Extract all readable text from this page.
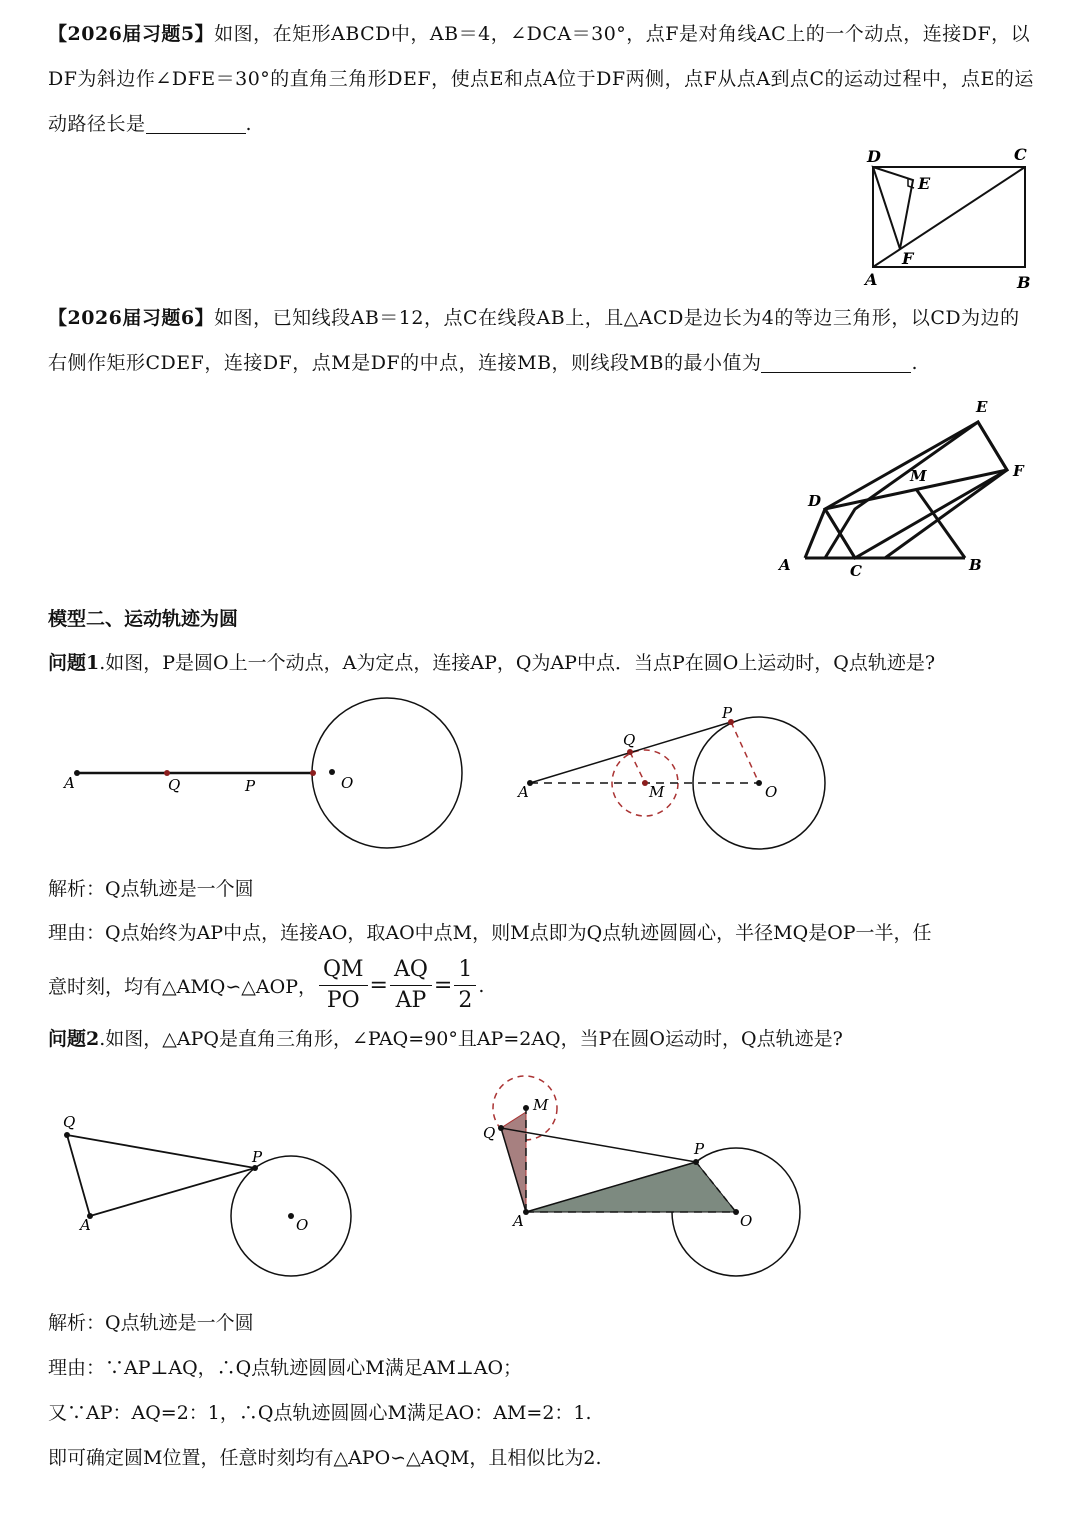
【2026届习题5】如图，在矩形ABCD中，AB＝4，∠DCA＝30°，点F是对角线AC上的一个动点，连接DF，以DF为斜边作∠DFE＝30°的直角三角形DEF，使点E和点A位于DF两侧，点F从点A到点C的运动过程中，点E的运动路径长是	.
D	C
E
F
A	B
【2026届习题6】如图，已知线段AB＝12，点C在线段AB上，且△ACD是边长为4的等边三角形，以CD为边的右侧作矩形CDEF，连接DF，点M是DF的中点，连接MB，则线段MB的最小值为	.
E
F
M
D
A	C	B
模型二、运动轨迹为圆
问题1.如图，P是圆O上一个动点，A为定点，连接AP，Q为AP中点．当点P在圆O上运动时，Q点轨迹是?
A	Q	P	O	A
Q
M
P
O
解析：Q点轨迹是一个圆
理由：Q点始终为AP中点，连接AO，取AO中点M，则M点即为Q点轨迹圆圆心，半径MQ是OP一半，任
意时刻，均有△AMQ∽△AOP， $\frac{QM}{PO} = \frac{AQ}{AP} = \frac{1}{2}$ .
问题2.如图，△APQ是直角三角形，∠PAQ=90°且AP=2AQ，当P在圆O运动时，Q点轨迹是?
Q
P
A	O
M
Q
P
A	O
解析：Q点轨迹是一个圆
理由：∵AP⊥AQ，∴Q点轨迹圆圆心M满足AM⊥AO；
又∵AP：AQ=2：1，∴Q点轨迹圆圆心M满足AO：AM=2：1.
即可确定圆M位置，任意时刻均有△APO∽△AQM，且相似比为2.
